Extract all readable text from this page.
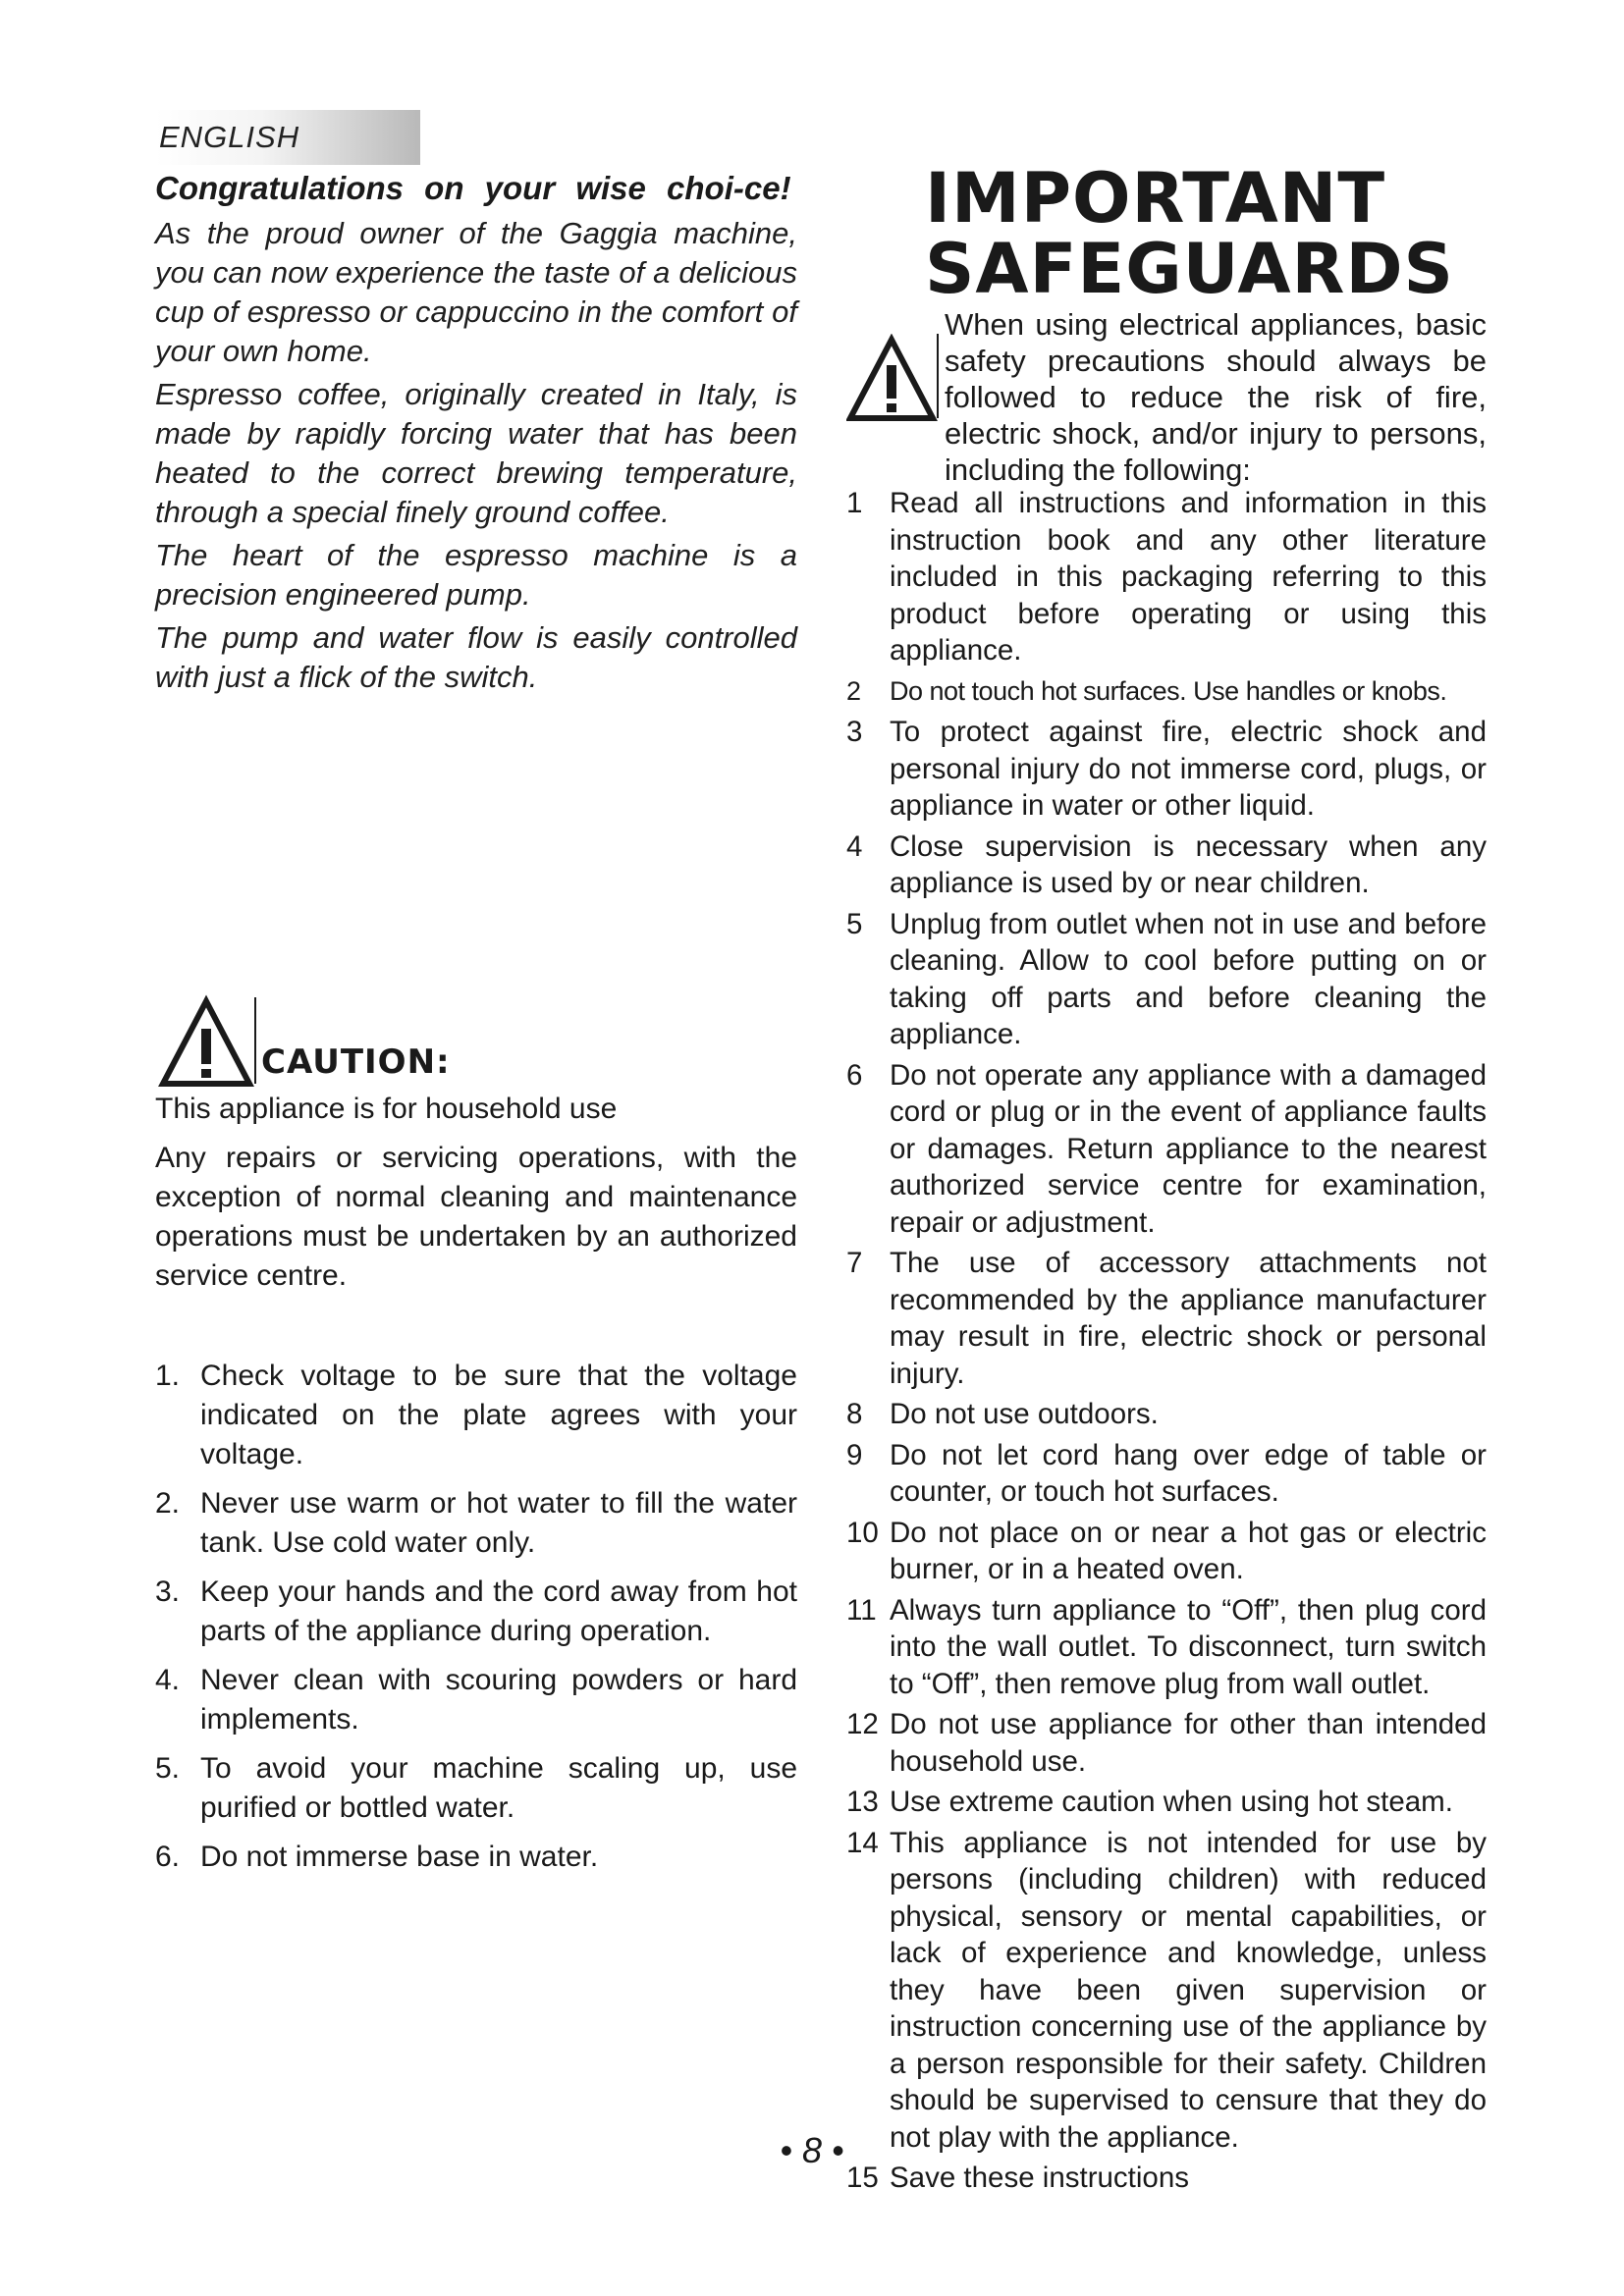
ENGLISH
Congratulations on your wise choi-ce!

As the proud owner of the Gaggia machine, you can now experience the taste of a delicious cup of espresso or cappuccino in the comfort of your own home.

Espresso coffee, originally created in Italy, is made by rapidly forcing water that has been heated to the correct brewing temperature, through a special finely ground coffee.

The heart of the espresso machine is a precision engineered pump.

The pump and water flow is easily controlled with just a flick of the switch.

CAUTION:

This appliance is for household use

Any repairs or servicing operations, with the exception of normal cleaning and maintenance operations must be undertaken by an authorized service centre.

1. Check voltage to be sure that the voltage indicated on the plate agrees with your voltage.
2. Never use warm or hot water to fill the water tank. Use cold water only.
3. Keep your hands and the cord away from hot parts of the appliance during operation.
4. Never clean with scouring powders or hard implements.
5. To avoid your machine scaling up, use purified or bottled water.
6. Do not immerse base in water.
IMPORTANT
SAFEGUARDS

When using electrical appliances, basic safety precautions should always be followed to reduce the risk of fire, electric shock, and/or injury to persons, including the following:

1 Read all instructions and information in this instruction book and any other literature included in this packaging referring to this product before operating or using this appliance.
2 Do not touch hot surfaces. Use handles or knobs.
3 To protect against fire, electric shock and personal injury do not immerse cord, plugs, or appliance in water or other liquid.
4 Close supervision is necessary when any appliance is used by or near children.
5 Unplug from outlet when not in use and before cleaning. Allow to cool before putting on or taking off parts and before cleaning the appliance.
6 Do not operate any appliance with a damaged cord or plug or in the event of appliance faults or damages. Return appliance to the nearest authorized service centre for examination, repair or adjustment.
7 The use of accessory attachments not recommended by the appliance manufacturer may result in fire, electric shock or personal injury.
8 Do not use outdoors.
9 Do not let cord hang over edge of table or counter, or touch hot surfaces.
10 Do not place on or near a hot gas or electric burner, or in a heated oven.
11 Always turn appliance to “Off”, then plug cord into the wall outlet. To disconnect, turn switch to “Off”, then remove plug from wall outlet.
12 Do not use appliance for other than intended household use.
13 Use extreme caution when using hot steam.
14 This appliance is not intended for use by persons (including children) with reduced physical, sensory or mental capabilities, or lack of experience and knowledge, unless they have been given supervision or instruction concerning use of the appliance by a person responsible for their safety. Children should be supervised to censure that they do not play with the appliance.
15 Save these instructions
• 8 •
